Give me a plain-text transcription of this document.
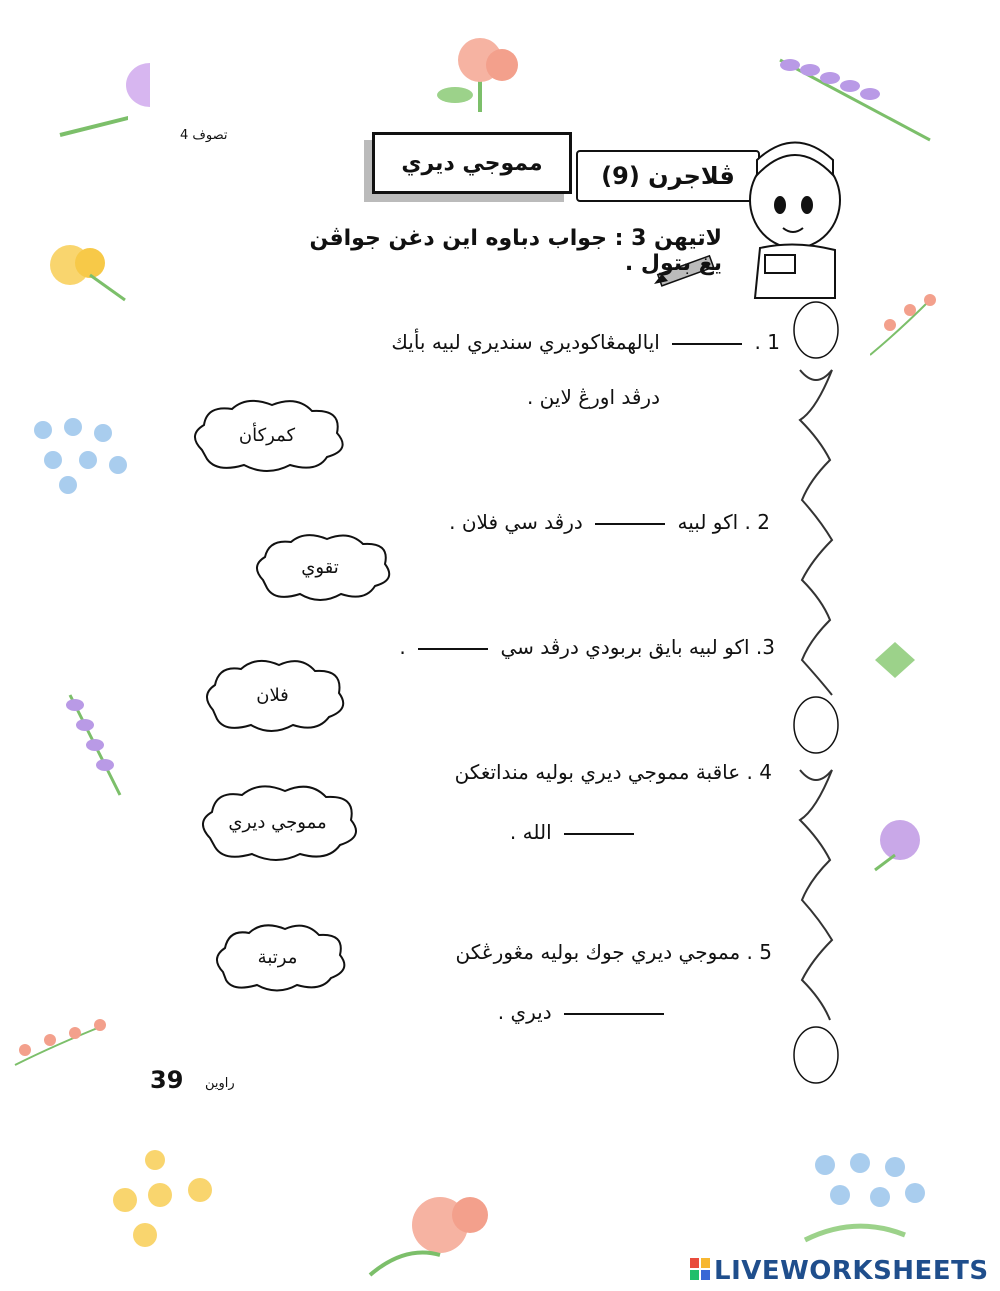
تصوف 4
مموجي ديري	ڤلاجرن (9)
لاتيهن 3 : جواب دباوه اين دغن جواڤن يغ بتول .
1 .  ايالهمڠاكوديري سنديري لبيه بأيك
درڤد اورڠ لاين .
2 . اكو لبيه  درڤد سي فلان .
3. اكو لبيه بايق بربودي درڤد سي  .
4 . عاقبة مموجي ديري بوليه منداتغكن
الله .
5 . مموجي ديري جوك بوليه مڠورڠكن
ديري .
كمركأن
تقوي
فلان
مموجي ديري
مرتبة
39 راوين
LIVEWORKSHEETS
